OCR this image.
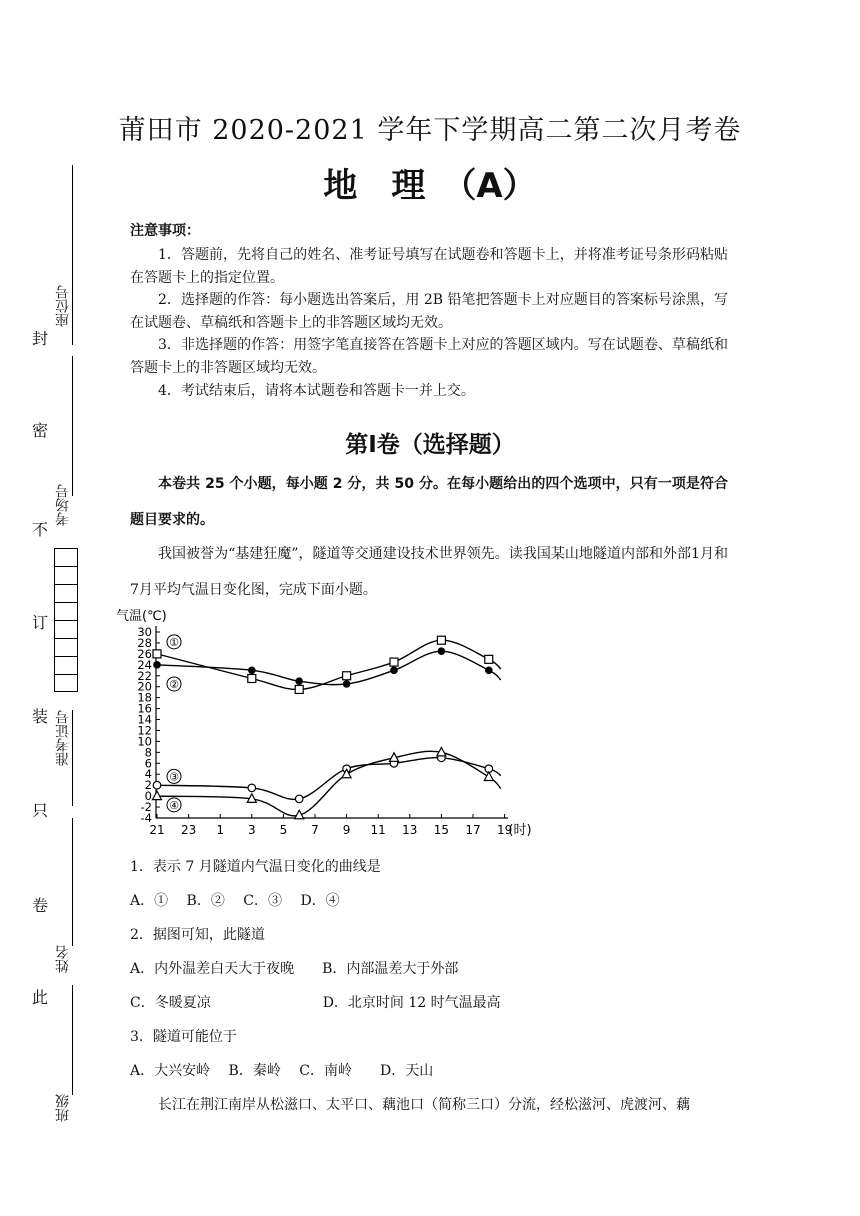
莆田市 2020-2021 学年下学期高二第二次月考卷
地　理　（A）
注意事项：

1．答题前，先将自己的姓名、准考证号填写在试题卷和答题卡上，并将准考证号条形码粘贴在答题卡上的指定位置。

2．选择题的作答：每小题选出答案后，用 2B 铅笔把答题卡上对应题目的答案标号涂黑，写在试题卷、草稿纸和答题卡上的非答题区域均无效。

3．非选择题的作答：用签字笔直接答在答题卡上对应的答题区域内。写在试题卷、草稿纸和答题卡上的非答题区域均无效。

4．考试结束后，请将本试题卷和答题卡一并上交。

第Ⅰ卷（选择题）
本卷共 25 个小题，每小题 2 分，共 50 分。在每小题给出的四个选项中，只有一项是符合题目要求的。
我国被誉为“基建狂魔”，隧道等交通建设技术世界领先。读我国某山地隧道内部和外部1月和7月平均气温日变化图，完成下面小题。
气温(℃)
-4
-2
0
2
4
6
8
10
12
14
16
18
20
22
24
26
28
30
21 23 1 3 5 7 9 11 13 15 17 19
(时)
①
②
③
④
1．表示 7 月隧道内气温日变化的曲线是
A．①　 B．②　 C．③　 D．④
2．据图可知，此隧道
A．内外温差白天大于夜晚　　B．内部温差大于外部
C．冬暖夏凉　　　　　　　　D．北京时间 12 时气温最高
3．隧道可能位于
A．大兴安岭　 B．秦岭　 C．南岭　　D．天山
长江在荆江南岸从松滋口、太平口、藕池口（简称三口）分流，经松滋河、虎渡河、藕
封
密
不
订
装
只
卷
此
座位号
考场号
准考证号
姓名
班级
